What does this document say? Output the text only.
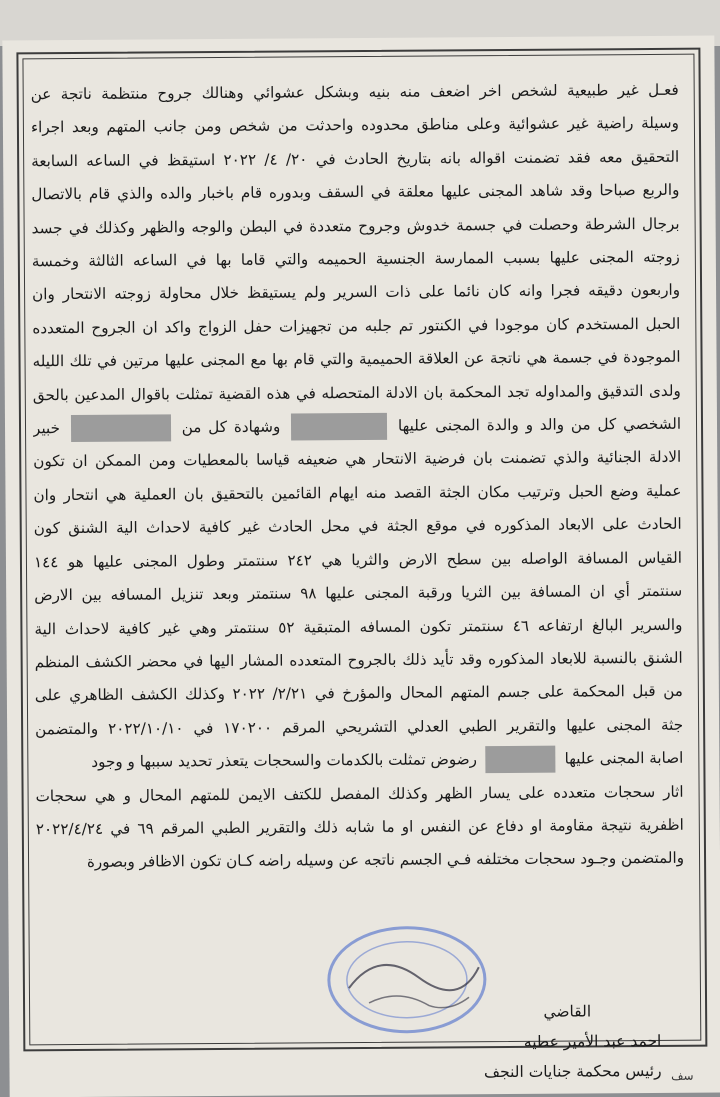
فعـل غير طبيعية لشخص اخر اضعف منه بنيه وبشكل عشوائي وهنالك جروح منتظمة ناتجة عن
وسيلة راضية غير عشوائية وعلى مناطق محدوده واحدثت من شخص ومن جانب المتهم وبعد اجراء
التحقيق معه فقد تضمنت اقواله بانه بتاريخ الحادث في ٢٠/ ٤/ ٢٠٢٢ استيقظ في الساعه السابعة
والربع صباحا وقد شاهد المجنى عليها معلقة في السقف وبدوره قام باخبار والده والذي قام بالاتصال
برجال الشرطة وحصلت في جسمة خدوش وجروح متعددة في البطن والوجه والظهر وكذلك في جسد
زوجته المجنى عليها بسبب الممارسة الجنسية الحميمه والتي قاما بها في الساعه الثالثة وخمسة
واربعون دقيقه فجرا وانه كان نائما على ذات السرير ولم يستيقظ خلال محاولة زوجته الانتحار وان
الحبل المستخدم كان موجودا في الكنتور تم جلبه من تجهيزات حفل الزواج واكد ان الجروح المتعدده
الموجودة في جسمة هي ناتجة عن العلاقة الحميمية والتي قام بها مع المجنى عليها مرتين في تلك الليله
ولدى التدقيق والمداوله تجد المحكمة بان الادلة المتحصله في هذه القضية تمثلت باقوال المدعين بالحق
الشخصي كل من والد و والدة المجنى عليها  وشهادة كل من  خبير
الادلة الجنائية والذي تضمنت بان فرضية الانتحار هي ضعيفه قياسا بالمعطيات ومن الممكن ان تكون
عملية وضع الحبل وترتيب مكان الجثة القصد منه ايهام القائمين بالتحقيق بان العملية هي انتحار وان
الحادث على الابعاد المذكوره في موقع الجثة في محل الحادث غير كافية لاحداث الية الشنق كون
القياس المسافة الواصله بين سطح الارض والثريا هي ٢٤٢ سنتمتر وطول المجنى عليها هو ١٤٤
سنتمتر أي ان المسافة بين الثريا ورقبة المجنى عليها ٩٨ سنتمتر وبعد تنزيل المسافه بين الارض
والسرير البالغ ارتفاعه ٤٦ سنتمتر تكون المسافه المتبقية ٥٢ سنتمتر وهي غير كافية لاحداث الية
الشنق بالنسبة للابعاد المذكوره وقد تأيد ذلك بالجروح المتعدده المشار اليها في محضر الكشف المنظم
من قبل المحكمة على جسم المتهم المحال والمؤرخ في ٢/٢١/ ٢٠٢٢ وكذلك الكشف الظاهري على
جثة المجنى عليها والتقرير الطبي العدلي التشريحي المرقم ١٧٠٢٠٠ في ٢٠٢٢/١٠/١٠ والمتضمن
اصابة المجنى عليها  رضوض تمثلت بالكدمات والسحجات يتعذر تحديد سببها و وجود
اثار سحجات متعدده على يسار الظهر وكذلك المفصل للكتف الايمن للمتهم المحال و هي سحجات
اظفرية نتيجة مقاومة او دفاع عن النفس او ما شابه ذلك والتقرير الطبي المرقم ٦٩ في ٢٠٢٢/٤/٢٤
والمتضمن وجـود سحجات مختلفه فـي الجسم ناتجه عن وسيله راضه كـان تكون الاظافر وبصورة
القاضي
احمد عبد الأمير عطيه
رئيس محكمة جنايات النجف سف
